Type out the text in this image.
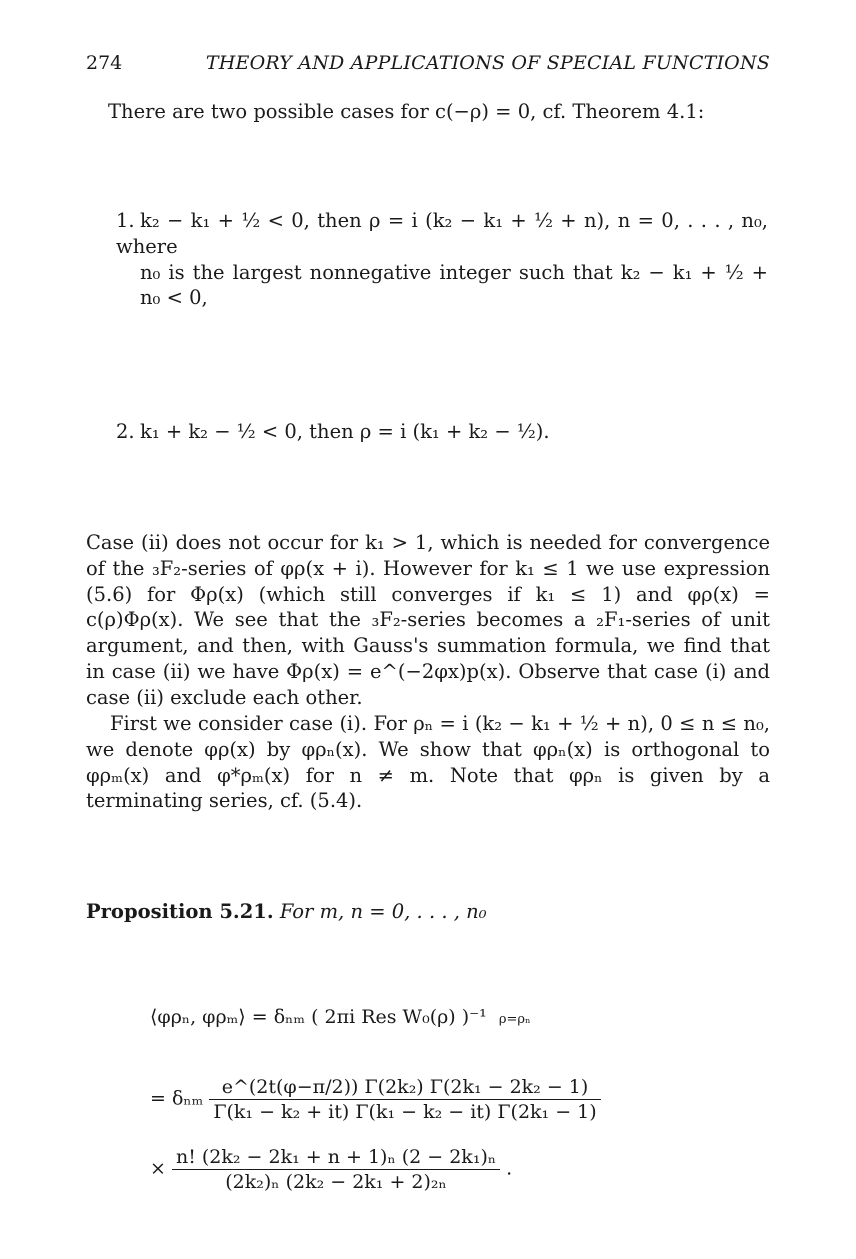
274	THEORY AND APPLICATIONS OF SPECIAL FUNCTIONS
There are two possible cases for c(−ρ) = 0, cf. Theorem 4.1:
1. k₂ − k₁ + ½ < 0, then ρ = i (k₂ − k₁ + ½ + n), n = 0, . . . , n₀, where
n₀ is the largest nonnegative integer such that k₂ − k₁ + ½ + n₀ < 0,
2. k₁ + k₂ − ½ < 0, then ρ = i (k₁ + k₂ − ½).
Case (ii) does not occur for k₁ > 1, which is needed for convergence of the ₃F₂-series of φρ(x + i). However for k₁ ≤ 1 we use expression (5.6) for Φρ(x) (which still converges if k₁ ≤ 1) and φρ(x) = c(ρ)Φρ(x). We see that the ₃F₂-series becomes a ₂F₁-series of unit argument, and then, with Gauss's summation formula, we find that in case (ii) we have Φρ(x) = e^(−2φx)p(x). Observe that case (i) and case (ii) exclude each other.
First we consider case (i). For ρₙ = i (k₂ − k₁ + ½ + n), 0 ≤ n ≤ n₀, we denote φρ(x) by φρₙ(x). We show that φρₙ(x) is orthogonal to φρₘ(x) and φ*ρₘ(x) for n ≠ m. Note that φρₙ is given by a terminating series, cf. (5.4).
Proposition 5.21. For m, n = 0, . . . , n₀
⟨φρₙ, φρₘ⟩ = δₙₘ ( 2πi Res W₀(ρ) )⁻¹ ρ=ρₙ
= δₙₘ $\frac{\text{e\textasciicircum{}(2t(φ−π/2)) Γ(2k₂) Γ(2k₁ − 2k₂ − 1)}}{\text{Γ(k₁ − k₂ + it) Γ(k₁ − k₂ − it) Γ(2k₁ − 1)}}$
× $\frac{\text{n! (2k₂ − 2k₁ + n + 1)ₙ (2 − 2k₁)ₙ}}{\text{(2k₂)ₙ (2k₂ − 2k₁ + 2)₂ₙ}}$ .
